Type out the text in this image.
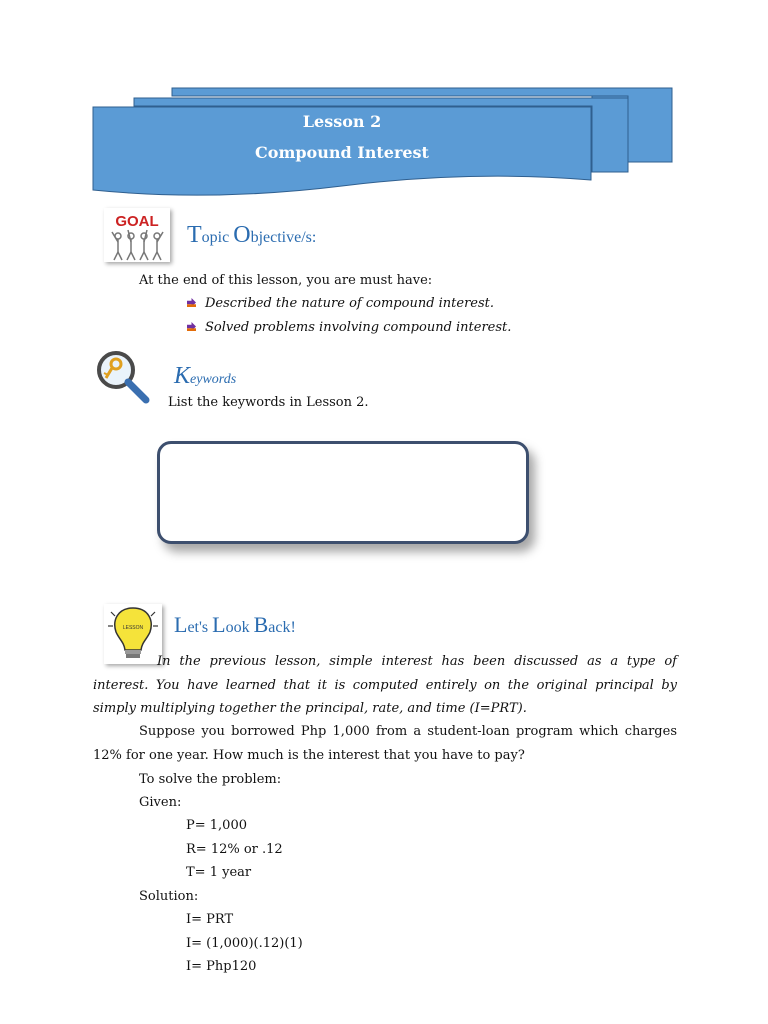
Lesson 2
Compound Interest
GOAL
Topic Objective/s:
At the end of this lesson, you are must have:
Described the nature of compound interest.
Solved problems involving compound interest.
Keywords
List the keywords in Lesson 2.
LESSON Let's Look Back!
In the previous lesson, simple interest has been discussed as a type of interest. You have learned that it is computed entirely on the original principal by simply multiplying together the principal, rate, and time (I=PRT).
Suppose you borrowed Php 1,000 from a student-loan program which charges 12% for one year. How much is the interest that you have to pay?
To solve the problem:
Given:
P= 1,000
R= 12% or .12
T= 1 year
Solution:
I= PRT
I= (1,000)(.12)(1)
I= Php120
